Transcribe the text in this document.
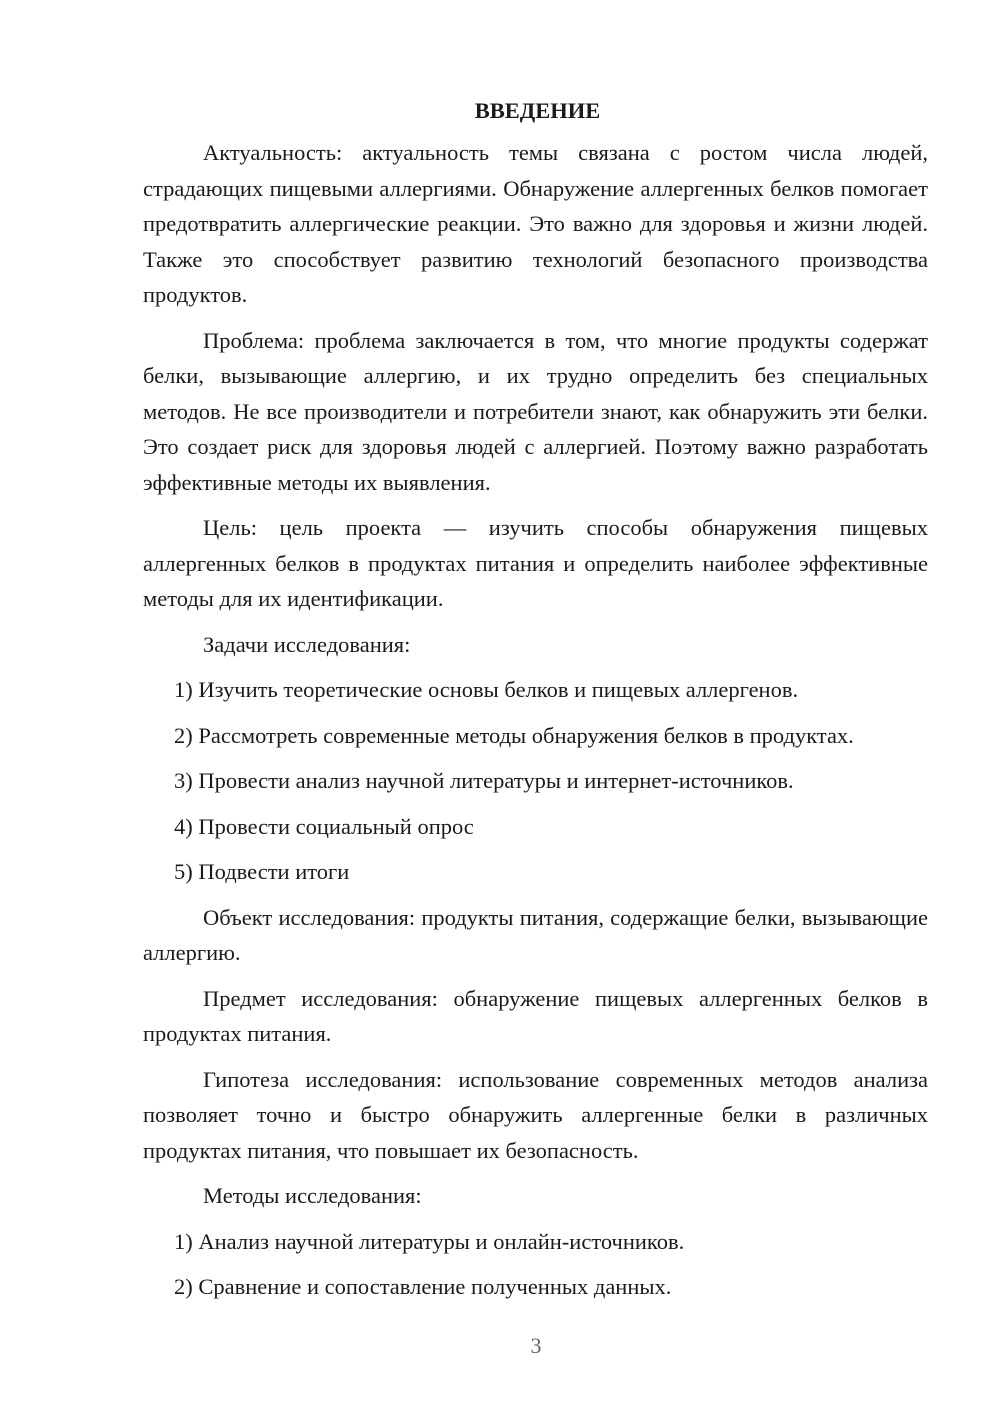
ВВЕДЕНИЕ

Актуальность: актуальность темы связана с ростом числа людей, страдающих пищевыми аллергиями. Обнаружение аллергенных белков помогает предотвратить аллергические реакции. Это важно для здоровья и жизни людей. Также это способствует развитию технологий безопасного производства продуктов.

Проблема: проблема заключается в том, что многие продукты содержат белки, вызывающие аллергию, и их трудно определить без специальных методов. Не все производители и потребители знают, как обнаружить эти белки. Это создает риск для здоровья людей с аллергией. Поэтому важно разработать эффективные методы их выявления.

Цель: цель проекта — изучить способы обнаружения пищевых аллергенных белков в продуктах питания и определить наиболее эффективные методы для их идентификации.

Задачи исследования:

1) Изучить теоретические основы белков и пищевых аллергенов.

2) Рассмотреть современные методы обнаружения белков в продуктах.

3) Провести анализ научной литературы и интернет-источников.

4) Провести социальный опрос

5) Подвести итоги

Объект исследования: продукты питания, содержащие белки, вызывающие аллергию.

Предмет исследования: обнаружение пищевых аллергенных белков в продуктах питания.

Гипотеза исследования: использование современных методов анализа позволяет точно и быстро обнаружить аллергенные белки в различных продуктах питания, что повышает их безопасность.

Методы исследования:

1) Анализ научной литературы и онлайн-источников.

2) Сравнение и сопоставление полученных данных.

3
